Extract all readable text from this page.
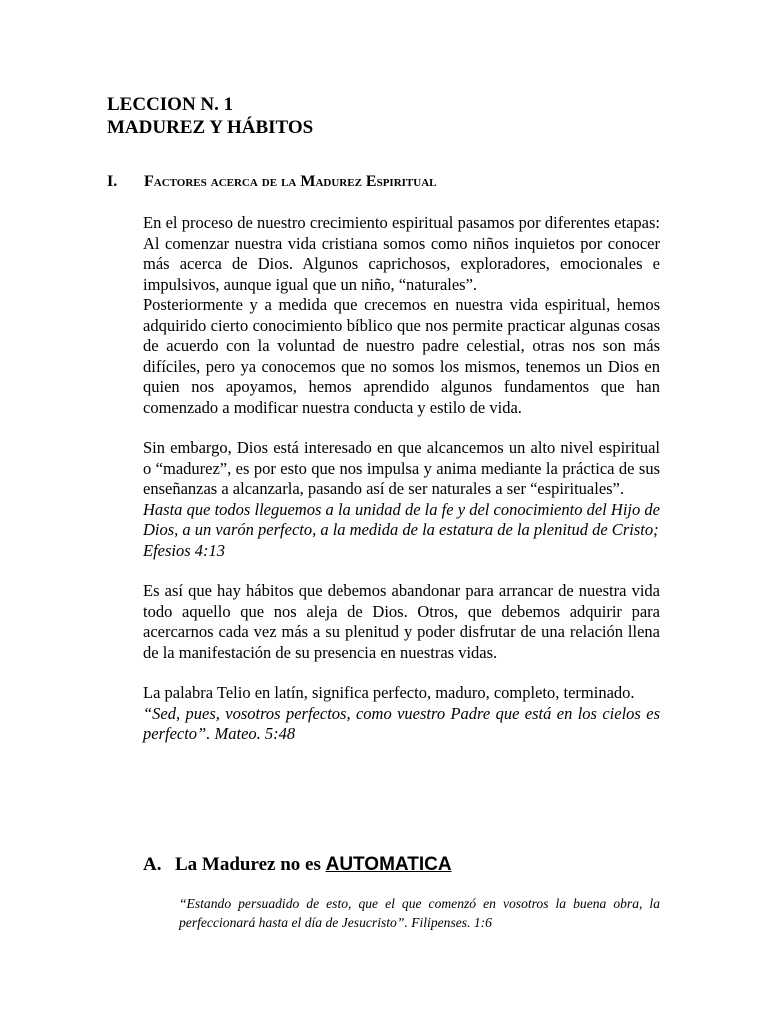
LECCION N. 1
MADUREZ Y HÁBITOS
I. Factores acerca de la Madurez Espiritual

En el proceso de nuestro crecimiento espiritual pasamos por diferentes etapas: Al comenzar nuestra vida cristiana somos como niños inquietos por conocer más acerca de Dios. Algunos caprichosos, exploradores, emocionales e impulsivos, aunque igual que un niño, “naturales”.

Posteriormente y a medida que crecemos en nuestra vida espiritual, hemos adquirido cierto conocimiento bíblico que nos permite practicar algunas cosas de acuerdo con la voluntad de nuestro padre celestial, otras nos son más difíciles, pero ya conocemos que no somos los mismos, tenemos un Dios en quien nos apoyamos, hemos aprendido algunos fundamentos que han comenzado a modificar nuestra conducta y estilo de vida.

Sin embargo, Dios está interesado en que alcancemos un alto nivel espiritual o “madurez”, es por esto que nos impulsa y anima mediante la práctica de sus enseñanzas a alcanzarla, pasando así de ser naturales a ser “espirituales”.

Hasta que todos lleguemos a la unidad de la fe y del conocimiento del Hijo de Dios, a un varón perfecto, a la medida de la estatura de la plenitud de Cristo;

Efesios 4:13

Es así que hay hábitos que debemos abandonar para arrancar de nuestra vida todo aquello que nos aleja de Dios. Otros, que debemos adquirir para acercarnos cada vez más a su plenitud y poder disfrutar de una relación llena de la manifestación de su presencia en nuestras vidas.

La palabra Telio en latín, significa perfecto, maduro, completo, terminado.

“Sed, pues, vosotros perfectos, como vuestro Padre que está en los cielos es perfecto”. Mateo. 5:48

A. La Madurez no es AUTOMATICA
“Estando persuadido de esto, que el que comenzó en vosotros la buena obra, la perfeccionará hasta el día de Jesucristo”. Filipenses. 1:6
